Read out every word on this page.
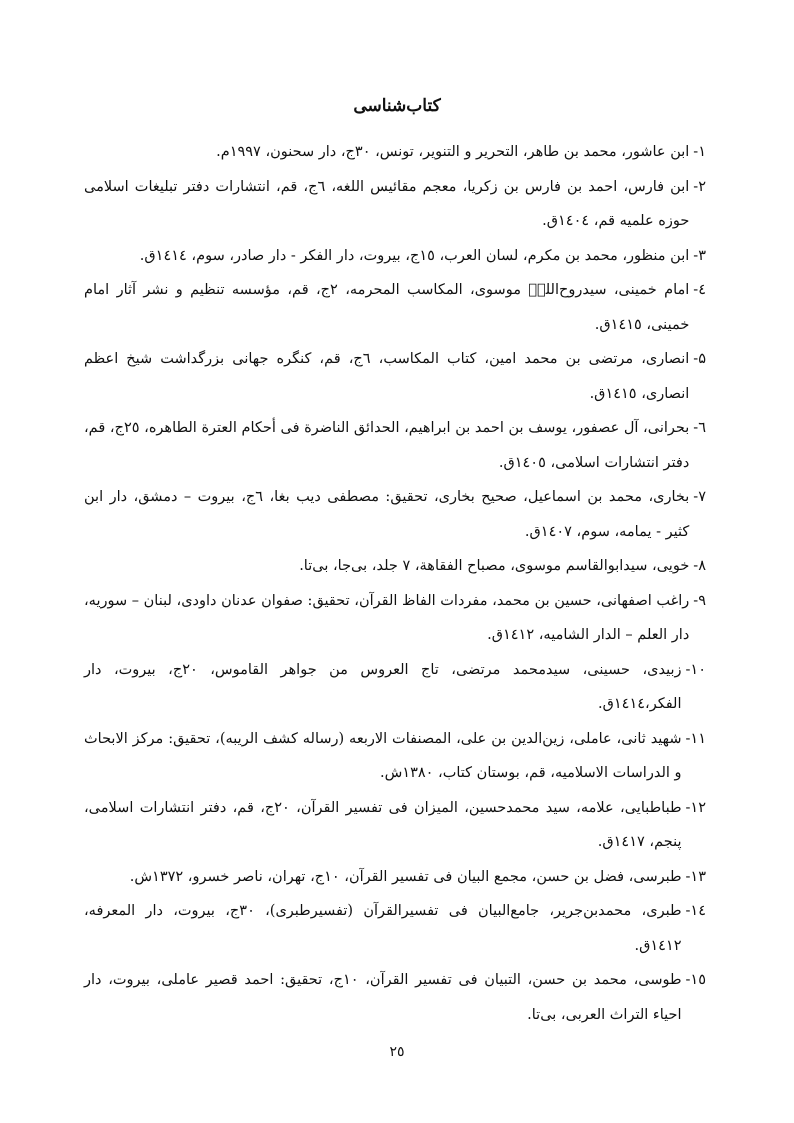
کتاب‌شناسی
۱-
ابن عاشور، محمد بن طاهر، التحریر و التنویر، تونس، ۳۰ج، دار سحنون، ۱۹۹۷م.
۲-
ابن فارس، احمد بن فارس بن زکریا، معجم مقائیس اللغه، ٦ج، قم، انتشارات دفتر تبلیغات اسلامی حوزه علمیه قم، ١٤٠٤ق.
۳-
ابن منظور، محمد بن مکرم، لسان العرب، ١٥ج، بیروت، دار الفکر - دار صادر، سوم، ١٤١٤ق.
٤-
امام خمینی، سیدروح‌اللهؒ موسوی، المکاسب المحرمه، ٢ج، قم، مؤسسه تنظیم و نشر آثار امام خمینی، ١٤١٥ق.
۵-
انصاری، مرتضی بن محمد امین، کتاب المکاسب، ٦ج، قم، کنگره جهانی بزرگداشت شیخ اعظم انصاری، ١٤١٥ق.
٦-
بحرانی، آل عصفور، یوسف بن احمد بن ابراهیم، الحدائق الناضرة فی أحکام العترة الطاهره، ٢٥ج، قم، دفتر انتشارات اسلامی، ١٤٠٥ق.
٧-
بخاری، محمد بن اسماعیل، صحیح بخاری، تحقیق: مصطفی دیب بغا، ٦ج، بیروت – دمشق، دار ابن کثیر - یمامه، سوم، ١٤٠٧ق.
٨-
خویی، سیدابوالقاسم موسوی، مصباح الفقاهة، ٧ جلد، بی‌جا، بی‌تا.
٩-
راغب اصفهانی، حسین بن محمد، مفردات الفاظ القرآن، تحقیق: صفوان عدنان داودی، لبنان – سوریه، دار العلم – الدار الشامیه، ١٤١٢ق.
١٠-
زبیدی، حسینی، سیدمحمد مرتضی، تاج العروس من جواهر القاموس، ٢٠ج، بیروت، دار الفکر،١٤١٤ق.
١١-
شهید ثانی، عاملی، زین‌الدین بن علی، المصنفات الاربعه (رساله کشف الریبه)، تحقیق: مرکز الابحاث و الدراسات الاسلامیه، قم، بوستان کتاب، ١٣٨٠ش.
١٢-
طباطبایی، علامه، سید محمدحسین، المیزان فی تفسیر القرآن، ٢٠ج، قم، دفتر انتشارات اسلامی، پنجم، ١٤١٧ق.
١٣-
طبرسی، فضل بن حسن، مجمع البیان فی تفسیر القرآن، ١٠ج، تهران، ناصر خسرو، ١٣٧٢ش.
١٤-
طبری، محمدبن‌جریر، جامع‌البیان فی تفسیرالقرآن (تفسیرطبری)، ٣٠ج، بیروت، دار المعرفه، ١٤١٢ق.
١٥-
طوسی، محمد بن حسن، التبیان فی تفسیر القرآن، ١٠ج، تحقیق: احمد قصیر عاملی، بیروت، دار احیاء التراث العربی، بی‌تا.
٢٥
